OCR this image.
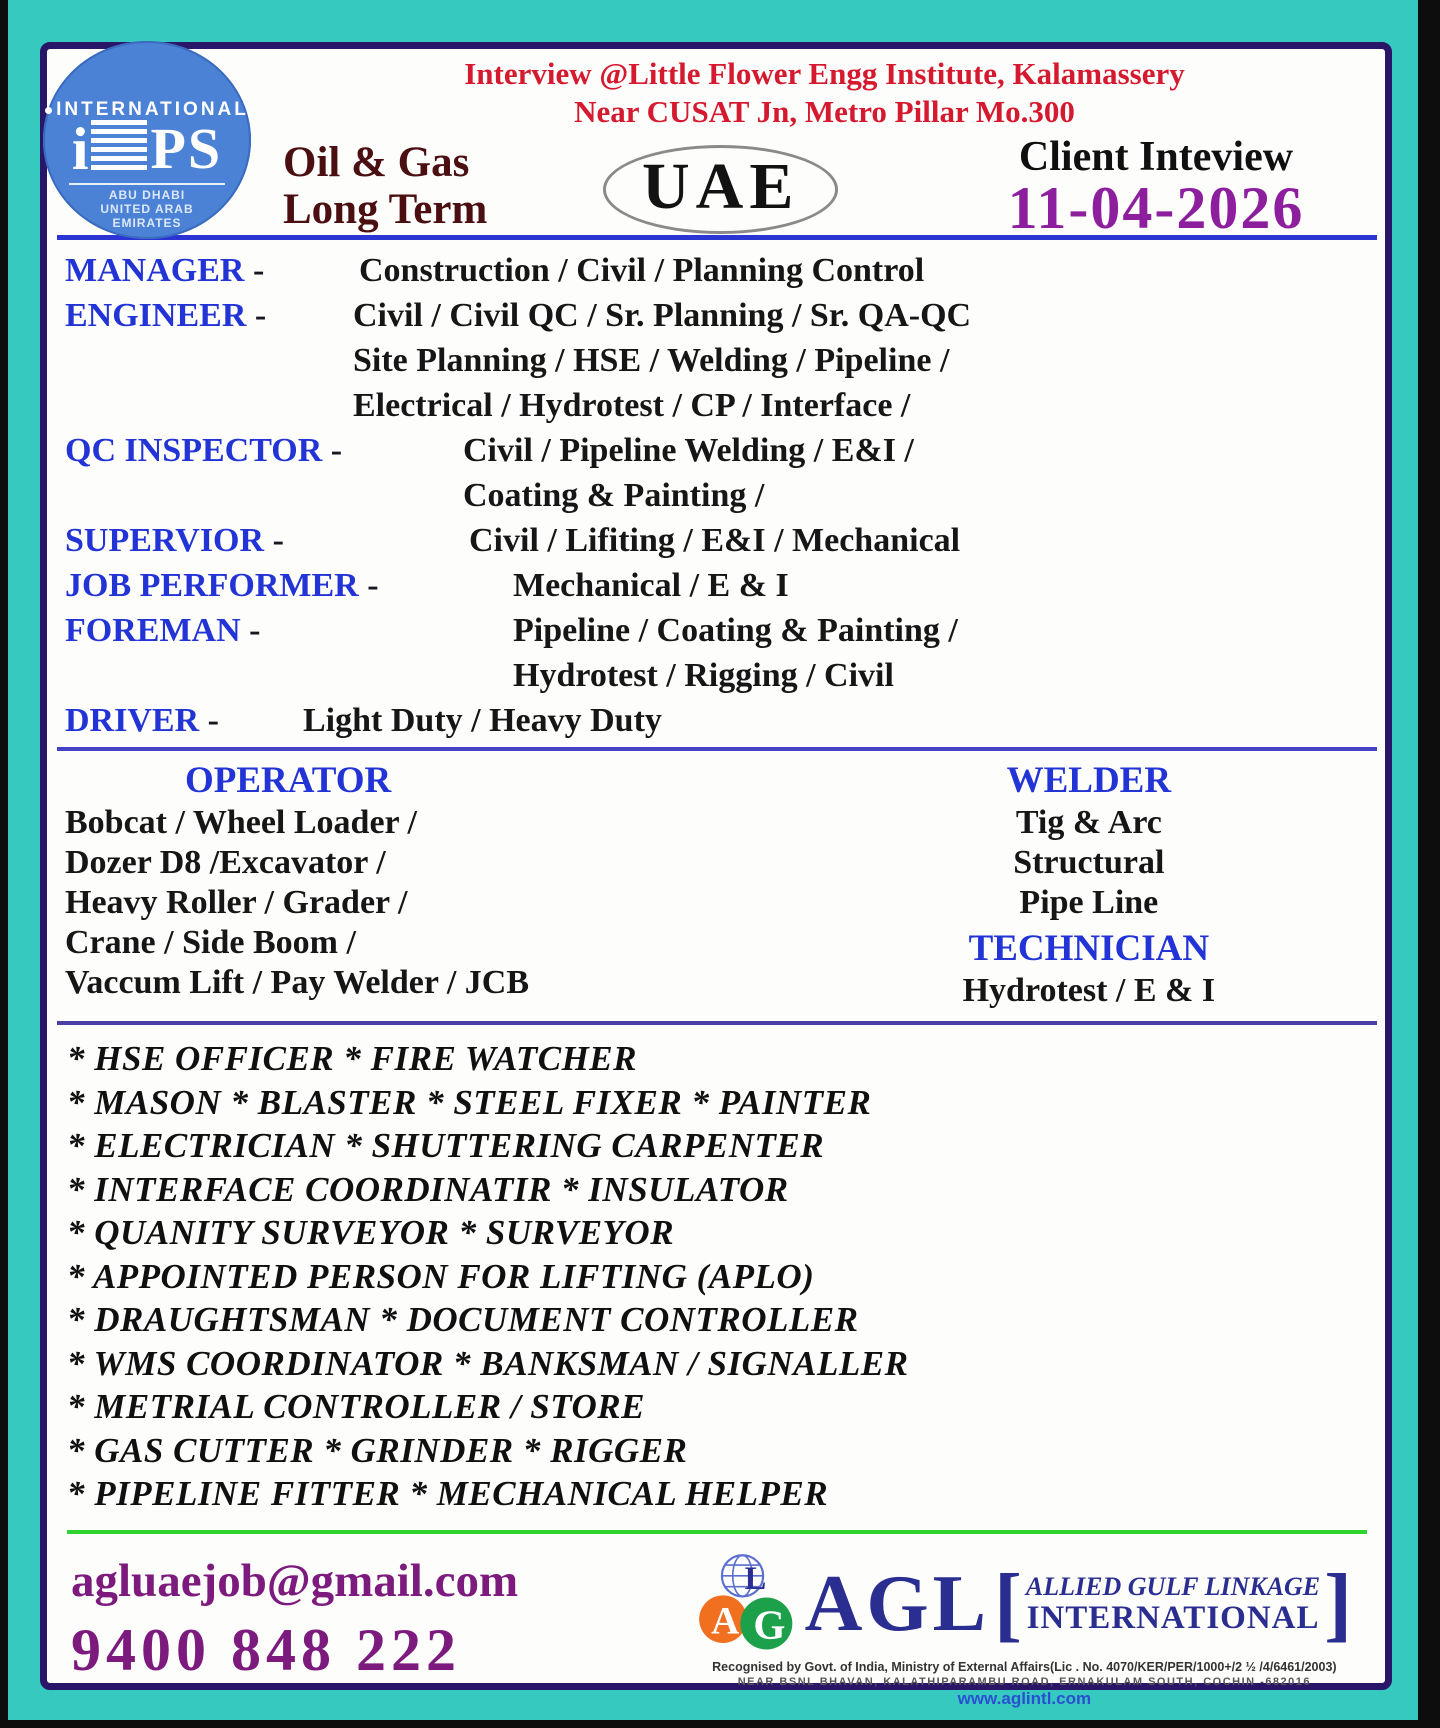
INTERNATIONAL
i PS
ABU DHABI
UNITED ARAB EMIRATES
Interview @Little Flower Engg Institute, Kalamassery
Near CUSAT Jn, Metro Pillar Mo.300
Oil & Gas
Long Term	UAE	Client Inteview
11-04-2026
MANAGER -	Construction / Civil / Planning Control
ENGINEER -	Civil / Civil QC / Sr. Planning / Sr. QA-QC
Site Planning / HSE / Welding / Pipeline /
Electrical / Hydrotest / CP / Interface /
QC INSPECTOR -	Civil / Pipeline Welding / E&I /
Coating & Painting /
SUPERVIOR -	Civil / Lifiting / E&I / Mechanical
JOB PERFORMER -	Mechanical / E & I
FOREMAN -	Pipeline / Coating & Painting /
Hydrotest / Rigging / Civil
DRIVER -	Light Duty / Heavy Duty
OPERATOR
Bobcat / Wheel Loader /
Dozer D8 /Excavator /
Heavy Roller / Grader /
Crane / Side Boom /
Vaccum Lift / Pay Welder / JCB
WELDER
Tig & Arc
Structural
Pipe Line
TECHNICIAN
Hydrotest / E & I
* HSE OFFICER * FIRE WATCHER
* MASON * BLASTER * STEEL FIXER * PAINTER
* ELECTRICIAN * SHUTTERING CARPENTER
* INTERFACE COORDINATIR * INSULATOR
* QUANITY SURVEYOR * SURVEYOR
* APPOINTED PERSON FOR LIFTING (APLO)
* DRAUGHTSMAN * DOCUMENT CONTROLLER
* WMS COORDINATOR * BANKSMAN / SIGNALLER
* METRIAL CONTROLLER / STORE
* GAS CUTTER * GRINDER * RIGGER
* PIPELINE FITTER * MECHANICAL HELPER
agluaejob@gmail.com
9400 848 222
L
A G AGL [ ALLIED GULF LINKAGE
INTERNATIONAL ]
Recognised by Govt. of India, Ministry of External Affairs(Lic . No. 4070/KER/PER/1000+/2 ½ /4/6461/2003)
NEAR BSNL BHAVAN, KALATHIPARAMBU ROAD, ERNAKULAM SOUTH, COCHIN -682016
www.aglintl.com
